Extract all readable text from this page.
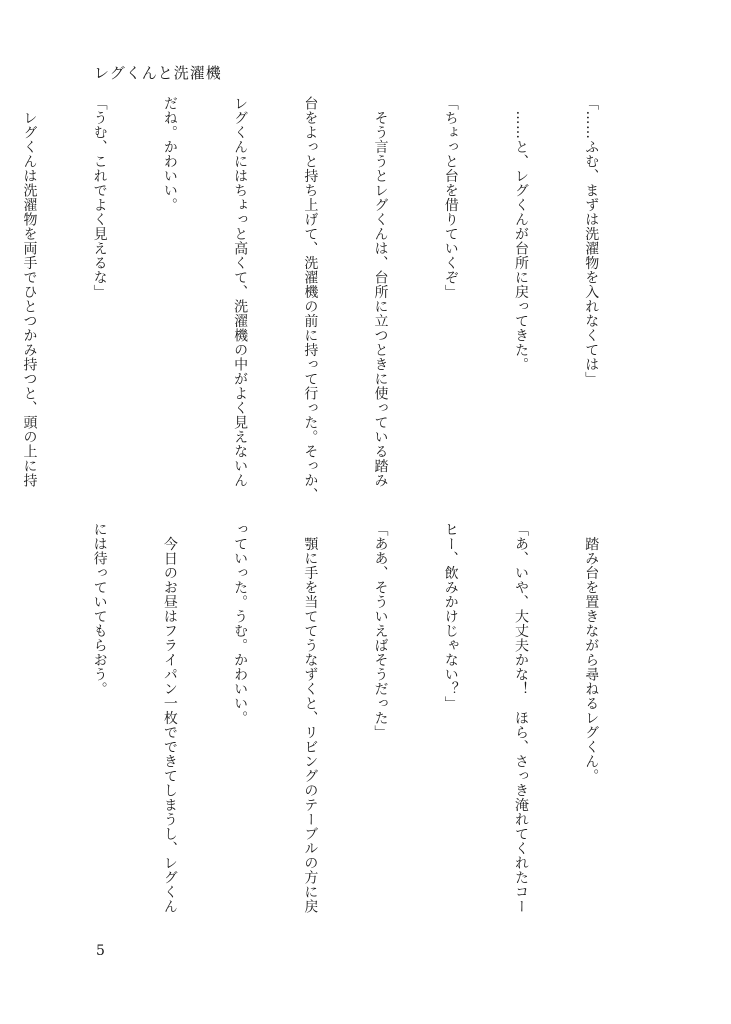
レグくんと洗濯機

「……ふむ、まずは洗濯物を入れなくては」

　……と、レグくんが台所に戻ってきた。

「ちょっと台を借りていくぞ」

　そう言うとレグくんは、台所に立つときに使っている踏み

台をよっと持ち上げて、洗濯機の前に持って行った。そっか、

レグくんにはちょっと高くて、洗濯機の中がよく見えないん

だね。かわいい。

「うむ、これでよく見えるな」

　レグくんは洗濯物を両手でひとつかみ持つと、頭の上に持

　踏み台を置きながら尋ねるレグくん。

「あ、いや、大丈夫かな！　ほら、さっき淹れてくれたコー

ヒー、飲みかけじゃない？」

「ああ、そういえばそうだった」

　顎に手を当ててうなずくと、リビングのテーブルの方に戻

っていった。うむ。かわいい。

　今日のお昼はフライパン一枚でできてしまうし、レグくん

には待っていてもらおう。

5
